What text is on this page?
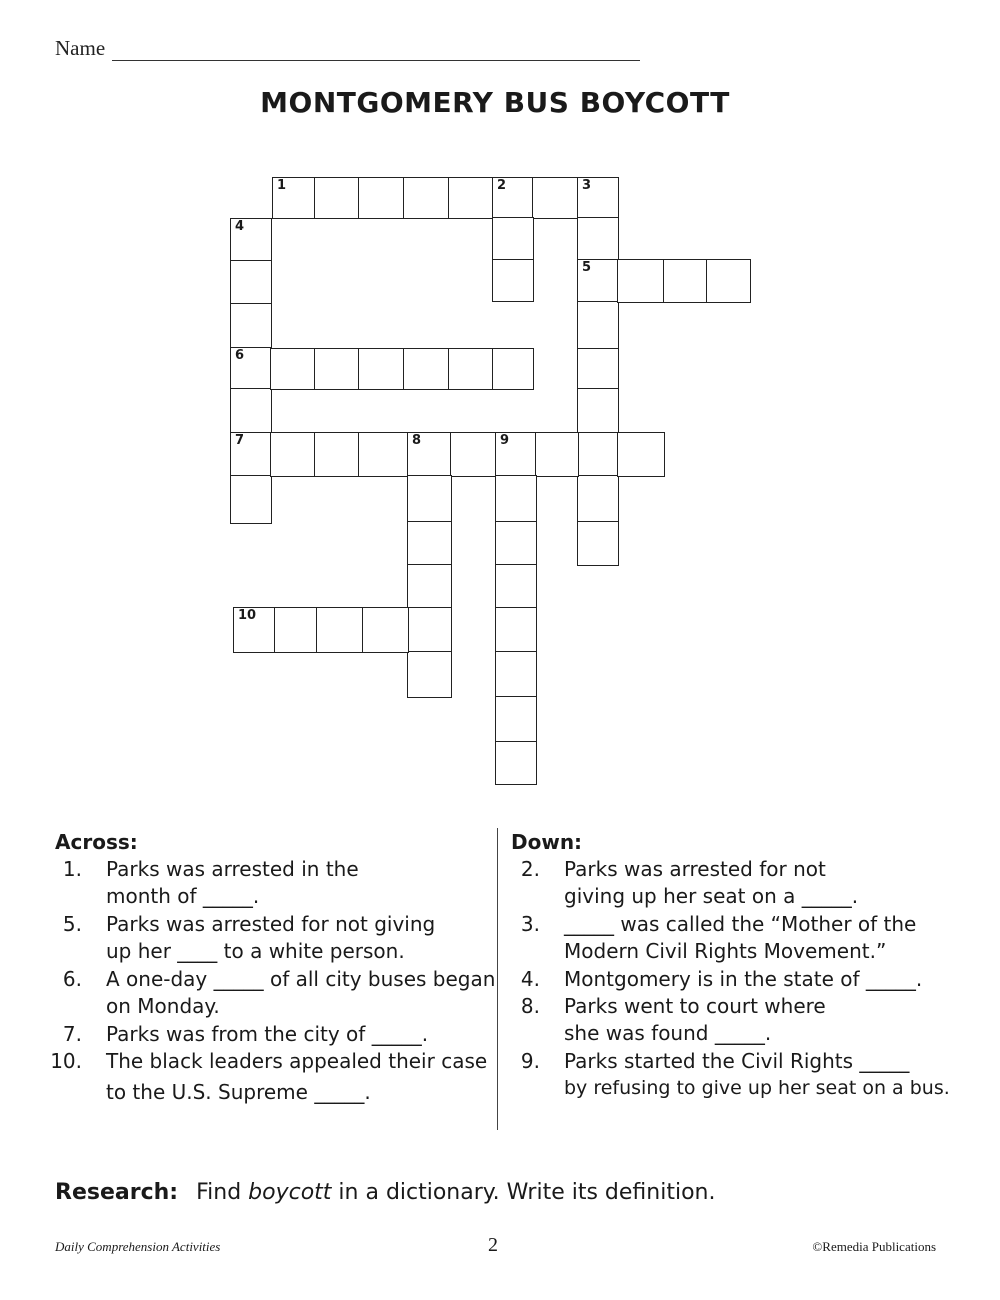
Name
MONTGOMERY BUS BOYCOTT
1	2	3
4
6
7
5
8	9
10
Across:
1. Parks was arrested in the
month of _____.
5. Parks was arrested for not giving
up her ____ to a white person.
6. A one-day _____ of all city buses began
on Monday.
7. Parks was from the city of _____.
10. The black leaders appealed their case
to the U.S. Supreme _____.
Down:
2. Parks was arrested for not
giving up her seat on a _____.
3. _____ was called the “Mother of the
Modern Civil Rights Movement.”
4. Montgomery is in the state of _____.
8. Parks went to court where
she was found _____.
9. Parks started the Civil Rights _____
by refusing to give up her seat on a bus.
Research: Find boycott in a dictionary. Write its definition.
Daily Comprehension Activities	2	©Remedia Publications
